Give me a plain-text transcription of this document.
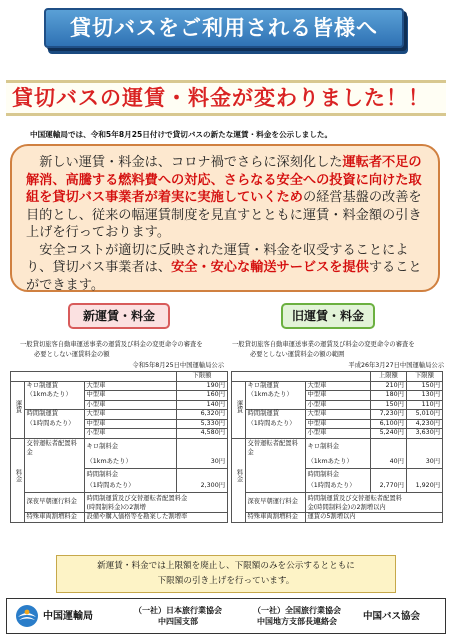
貸切バスをご利用される皆様へ
貸切バスの運賃・料金が変わりました！！
中国運輸局では、令和5年8月25日付けで貸切バスの新たな運賃・料金を公示しました。

 新しい運賃・料金は、コロナ禍でさらに深刻化した運転者不足の解消、高騰する燃料費への対応、さらなる安全への投資に向けた取組を貸切バス事業者が着実に実施していくための経営基盤の改善を目的とし、従来の幅運賃制度を見直すとともに運賃・料金額の引き上げを行っております。

 安全コストが適切に反映された運賃・料金を収受することにより、貸切バス事業者は、安全・安心な輸送サービスを提供することができます。

新運賃・料金	旧運賃・料金
一般貸切旅客自動車運送事業の運賃及び料金の変更命令の審査を
必要としない運賃料金の額
令和5年8月25日中国運輸局公示
一般貸切旅客自動車運送事業の運賃及び料金の変更命令の審査を
必要としない運賃料金の額の範囲
平成26年3月27日中国運輸局公示
			下限額
	キロ制運賃	大型車	190円
	（1kmあたり）	中型車	160円
運賃		小型車	140円
	時間制運賃	大型車	6,320円
	（1時間あたり）	中型車	5,330円
		小型車	4,580円
	交替運転者配置料金	キロ制料金	
		（1kmあたり）	30円
料金		時間制料金	
		（1時間あたり）	2,300円
	深夜早朝運行料金	時間制運賃及び交替運転者配置料金
(時間制料金)の2割増	

	特殊車両割増料金	設備や購入価格等を勘案した割増率	
			上限額	下限額
	キロ制運賃	大型車	210円	150円
	（1kmあたり）	中型車	180円	130円
運賃		小型車	150円	110円
	時間制運賃	大型車	7,230円	5,010円
	（1時間あたり）	中型車	6,100円	4,230円
		小型車	5,240円	3,630円
	交替運転者配置料金	キロ制料金		
		（1kmあたり）	40円	30円
料金		時間制料金		
		（1時間あたり）	2,770円	1,920円
	深夜早朝運行料金	時間制運賃及び交替運転者配置料
金(時間制料金)の2割増以内		

	特殊車両割増料金	運賃の5割増以内		
新運賃・料金では上限額を廃止し、下限額のみを公示するとともに
下限額の引き上げを行っています。
中国運輸局
（一社）日本旅行業協会
中四国支部
（一社）全国旅行業協会
中国地方支部長連絡会	中国バス協会
